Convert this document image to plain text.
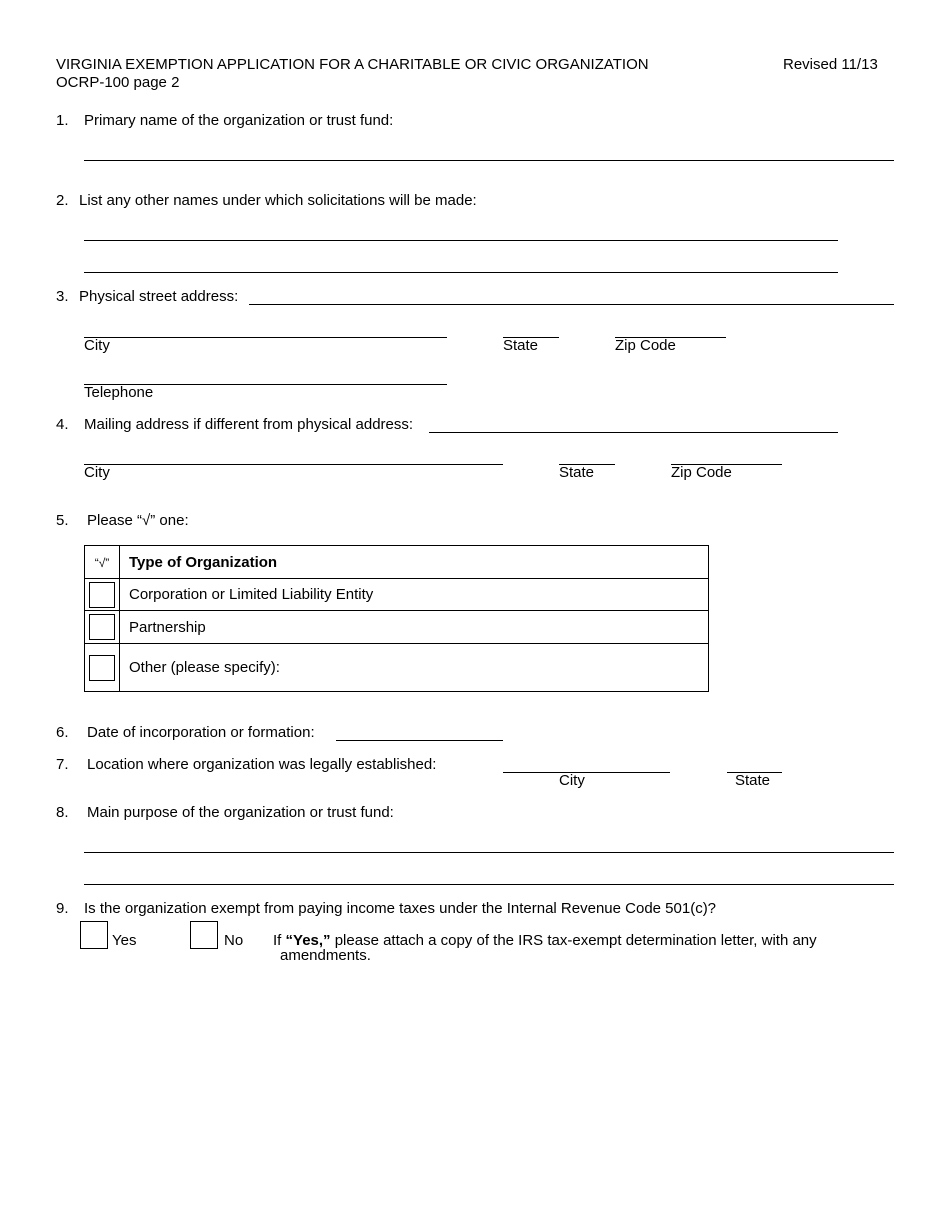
VIRGINIA EXEMPTION APPLICATION FOR A CHARITABLE OR CIVIC ORGANIZATION
OCRP-100 page 2
Revised 11/13
1. Primary name of the organization or trust fund:
2. List any other names under which solicitations will be made:
3. Physical street address:
City	State	Zip Code
Telephone
4. Mailing address if different from physical address:
City	State	Zip Code
5. Please “√” one:
“√”	Type of Organization
	Corporation or Limited Liability Entity
	Partnership
	Other (please specify):
6. Date of incorporation or formation:
7. Location where organization was legally established:
City	State
8. Main purpose of the organization or trust fund:
9. Is the organization exempt from paying income taxes under the Internal Revenue Code 501(c)?
Yes	No If “Yes,” please attach a copy of the IRS tax-exempt determination letter, with any
amendments.
